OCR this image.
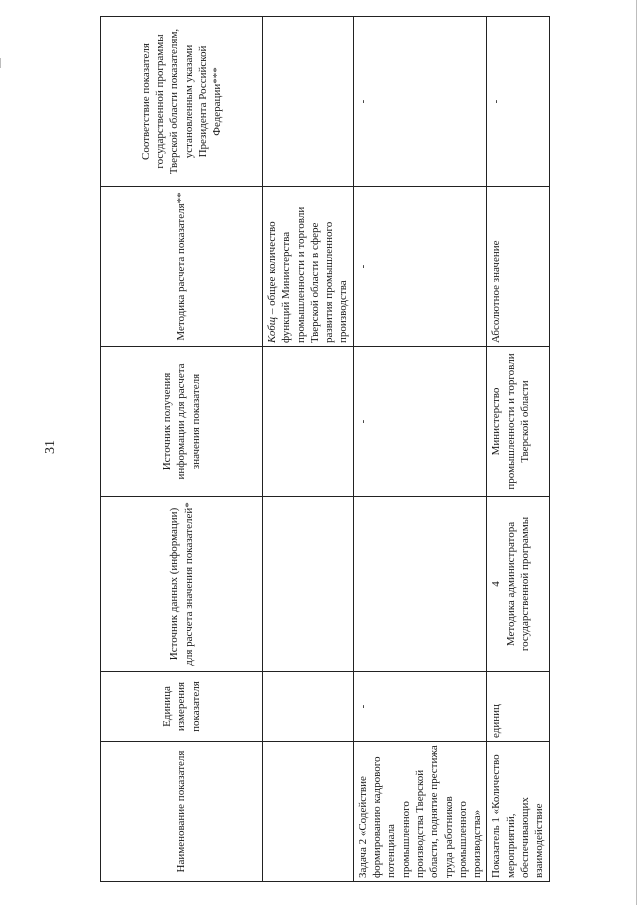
31
Наименование показателя	Единица измерения показателя	Источник данных (информации) для расчета значения показателей*	Источник получения информации для расчета значения показателя	Методика расчета показателя**	Соответствие показателя государственной программы Тверской области показателям, установленным указами Президента Российской Федерации***
				Кобщ – общее количество функций Министерства промышленности и торговли Тверской области в сфере развития промышленного производства	
Задача 2 «Содействие формированию кадрового потенциала промышленного производства Тверской области, поднятие престижа труда работников промышленного производства»	-		-	-	-

Показатель 1 «Количество мероприятий, обеспечивающих взаимодействие	единиц	4 Методика администратора государственной программы	Министерство промышленности и торговли Тверской области	Абсолютное значение	-
